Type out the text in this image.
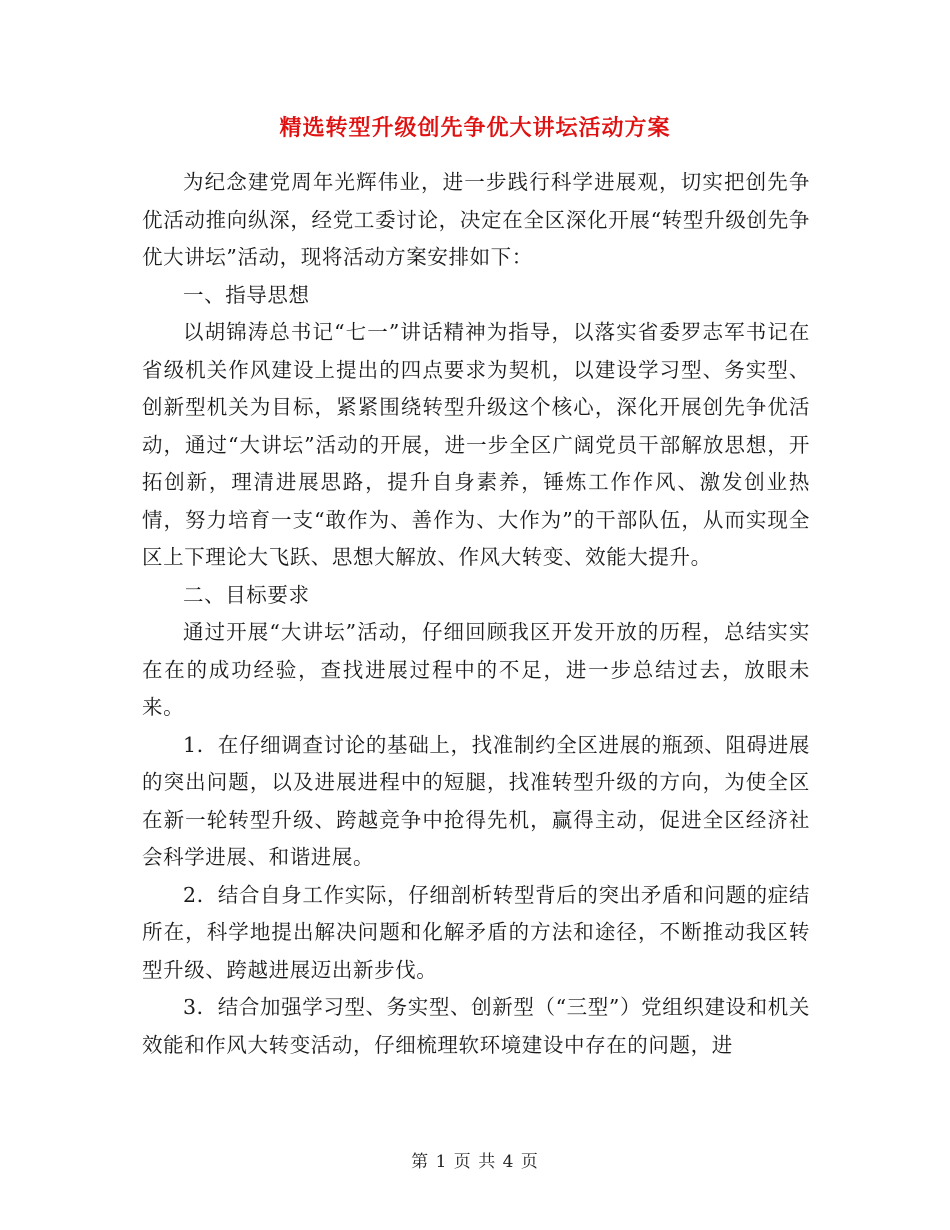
精选转型升级创先争优大讲坛活动方案

为纪念建党周年光辉伟业，进一步践行科学进展观，切实把创先争优活动推向纵深，经党工委讨论，决定在全区深化开展“转型升级创先争优大讲坛”活动，现将活动方案安排如下：

一、指导思想

以胡锦涛总书记“七一”讲话精神为指导，以落实省委罗志军书记在省级机关作风建设上提出的四点要求为契机，以建设学习型、务实型、创新型机关为目标，紧紧围绕转型升级这个核心，深化开展创先争优活动，通过“大讲坛”活动的开展，进一步全区广阔党员干部解放思想，开拓创新，理清进展思路，提升自身素养，锤炼工作作风、激发创业热情，努力培育一支“敢作为、善作为、大作为”的干部队伍，从而实现全区上下理论大飞跃、思想大解放、作风大转变、效能大提升。

二、目标要求

通过开展“大讲坛”活动，仔细回顾我区开发开放的历程，总结实实在在的成功经验，查找进展过程中的不足，进一步总结过去，放眼未来。

1．在仔细调查讨论的基础上，找准制约全区进展的瓶颈、阻碍进展的突出问题，以及进展进程中的短腿，找准转型升级的方向，为使全区在新一轮转型升级、跨越竞争中抢得先机，赢得主动，促进全区经济社会科学进展、和谐进展。

2．结合自身工作实际，仔细剖析转型背后的突出矛盾和问题的症结所在，科学地提出解决问题和化解矛盾的方法和途径，不断推动我区转型升级、跨越进展迈出新步伐。

3．结合加强学习型、务实型、创新型（“三型”）党组织建设和机关效能和作风大转变活动，仔细梳理软环境建设中存在的问题，进

第 1 页 共 4 页
